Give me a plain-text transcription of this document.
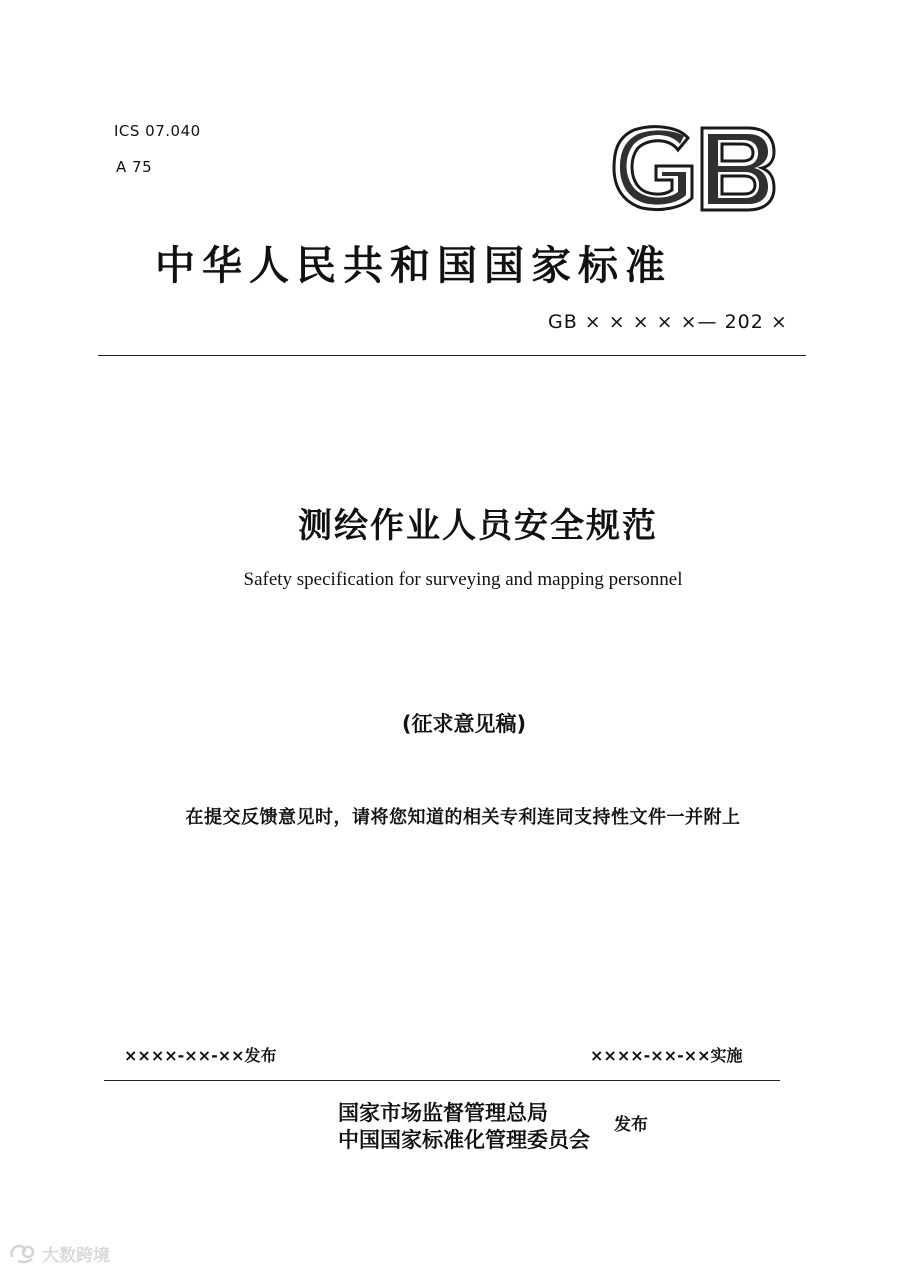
ICS 07.040
A 75
中华人民共和国国家标准
GB × × × × ×— 202 ×
测绘作业人员安全规范
Safety specification for surveying and mapping personnel
(征求意见稿)
在提交反馈意见时，请将您知道的相关专利连同支持性文件一并附上
××××-××-××发布	××××-××-××实施
国家市场监督管理总局
中国国家标准化管理委员会
发布
大数跨境
